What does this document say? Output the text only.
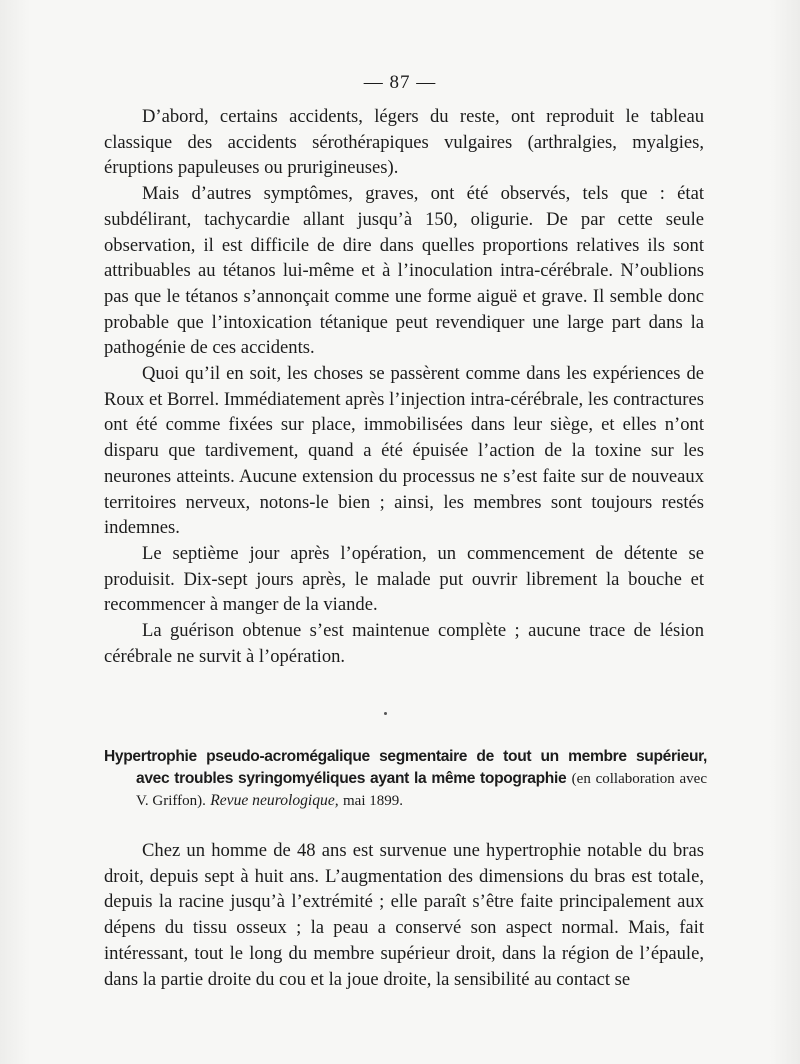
— 87 —

D’abord, certains accidents, légers du reste, ont reproduit le tableau classique des accidents sérothérapiques vulgaires (arthralgies, myalgies, éruptions papuleuses ou prurigineuses).

Mais d’autres symptômes, graves, ont été observés, tels que : état subdélirant, tachycardie allant jusqu’à 150, oligurie. De par cette seule observation, il est difficile de dire dans quelles proportions relatives ils sont attribuables au tétanos lui-même et à l’inoculation intra-cérébrale. N’oublions pas que le tétanos s’annonçait comme une forme aiguë et grave. Il semble donc probable que l’intoxication tétanique peut revendiquer une large part dans la pathogénie de ces accidents.

Quoi qu’il en soit, les choses se passèrent comme dans les expériences de Roux et Borrel. Immédiatement après l’injection intra-cérébrale, les contractures ont été comme fixées sur place, immobilisées dans leur siège, et elles n’ont disparu que tardivement, quand a été épuisée l’action de la toxine sur les neurones atteints. Aucune extension du processus ne s’est faite sur de nouveaux territoires nerveux, notons-le bien ; ainsi, les membres sont toujours restés indemnes.

Le septième jour après l’opération, un commencement de détente se produisit. Dix-sept jours après, le malade put ouvrir librement la bouche et recommencer à manger de la viande.

La guérison obtenue s’est maintenue complète ; aucune trace de lésion cérébrale ne survit à l’opération.

Hypertrophie pseudo-acromégalique segmentaire de tout un membre supérieur, avec troubles syringomyéliques ayant la même topographie (en collaboration avec V. Griffon). Revue neurologique, mai 1899.

Chez un homme de 48 ans est survenue une hypertrophie notable du bras droit, depuis sept à huit ans. L’augmentation des dimensions du bras est totale, depuis la racine jusqu’à l’extrémité ; elle paraît s’être faite principalement aux dépens du tissu osseux ; la peau a conservé son aspect normal. Mais, fait intéressant, tout le long du membre supérieur droit, dans la région de l’épaule, dans la partie droite du cou et la joue droite, la sensibilité au contact se
